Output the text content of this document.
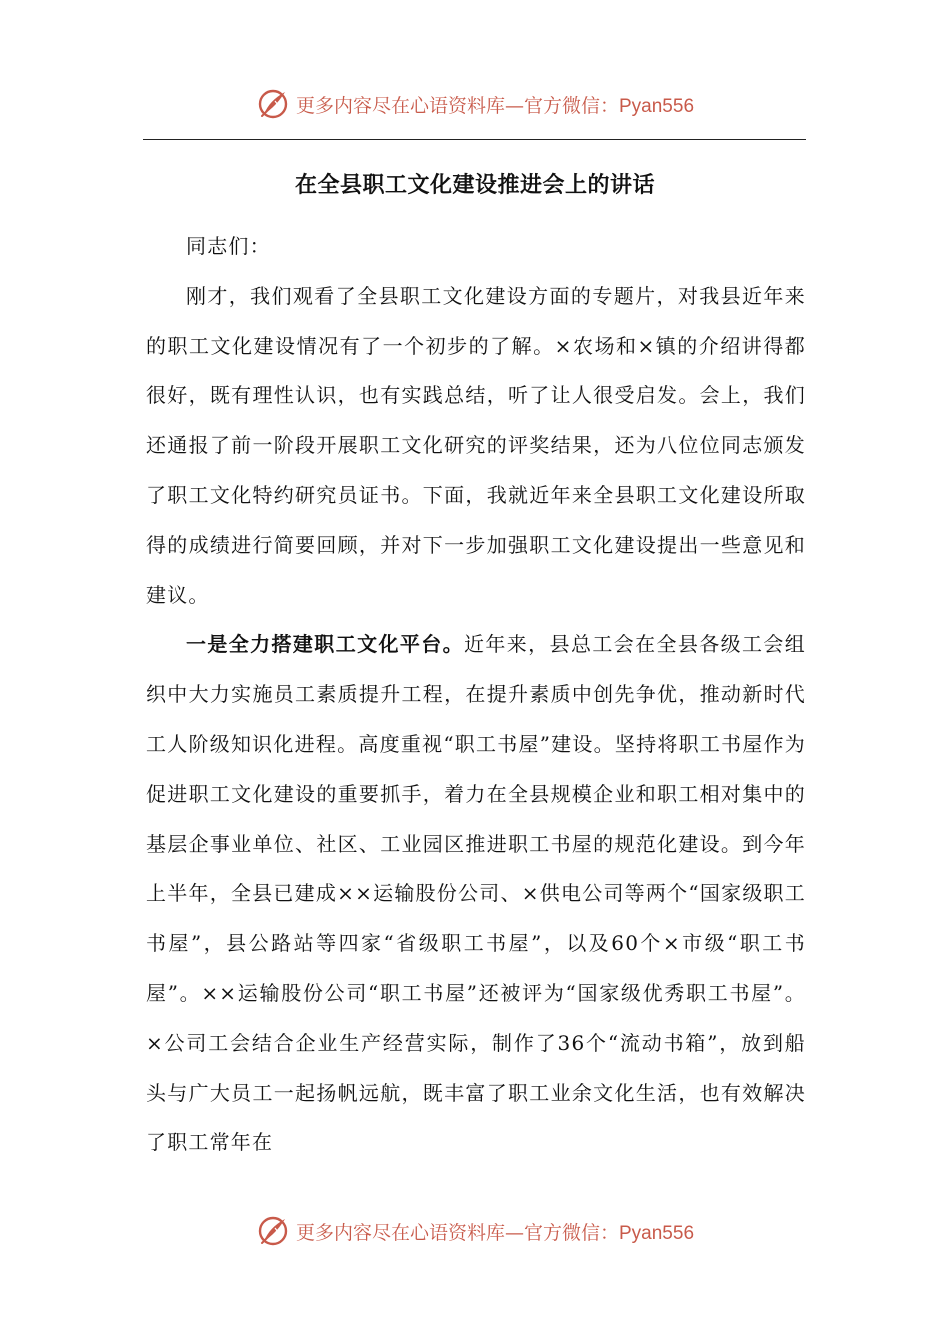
更多内容尽在心语资料库—官方微信：Pyan556
在全县职工文化建设推进会上的讲话

同志们：

刚才，我们观看了全县职工文化建设方面的专题片，对我县近年来的职工文化建设情况有了一个初步的了解。×农场和×镇的介绍讲得都很好，既有理性认识，也有实践总结，听了让人很受启发。会上，我们还通报了前一阶段开展职工文化研究的评奖结果，还为八位位同志颁发了职工文化特约研究员证书。下面，我就近年来全县职工文化建设所取得的成绩进行简要回顾，并对下一步加强职工文化建设提出一些意见和建议。

一是全力搭建职工文化平台。近年来，县总工会在全县各级工会组织中大力实施员工素质提升工程，在提升素质中创先争优，推动新时代工人阶级知识化进程。高度重视“职工书屋”建设。坚持将职工书屋作为促进职工文化建设的重要抓手，着力在全县规模企业和职工相对集中的基层企事业单位、社区、工业园区推进职工书屋的规范化建设。到今年上半年，全县已建成××运输股份公司、×供电公司等两个“国家级职工书屋”，县公路站等四家“省级职工书屋”，以及60个×市级“职工书屋”。××运输股份公司“职工书屋”还被评为“国家级优秀职工书屋”。×公司工会结合企业生产经营实际，制作了36个“流动书箱”，放到船头与广大员工一起扬帆远航，既丰富了职工业余文化生活，也有效解决了职工常年在

更多内容尽在心语资料库—官方微信：Pyan556
